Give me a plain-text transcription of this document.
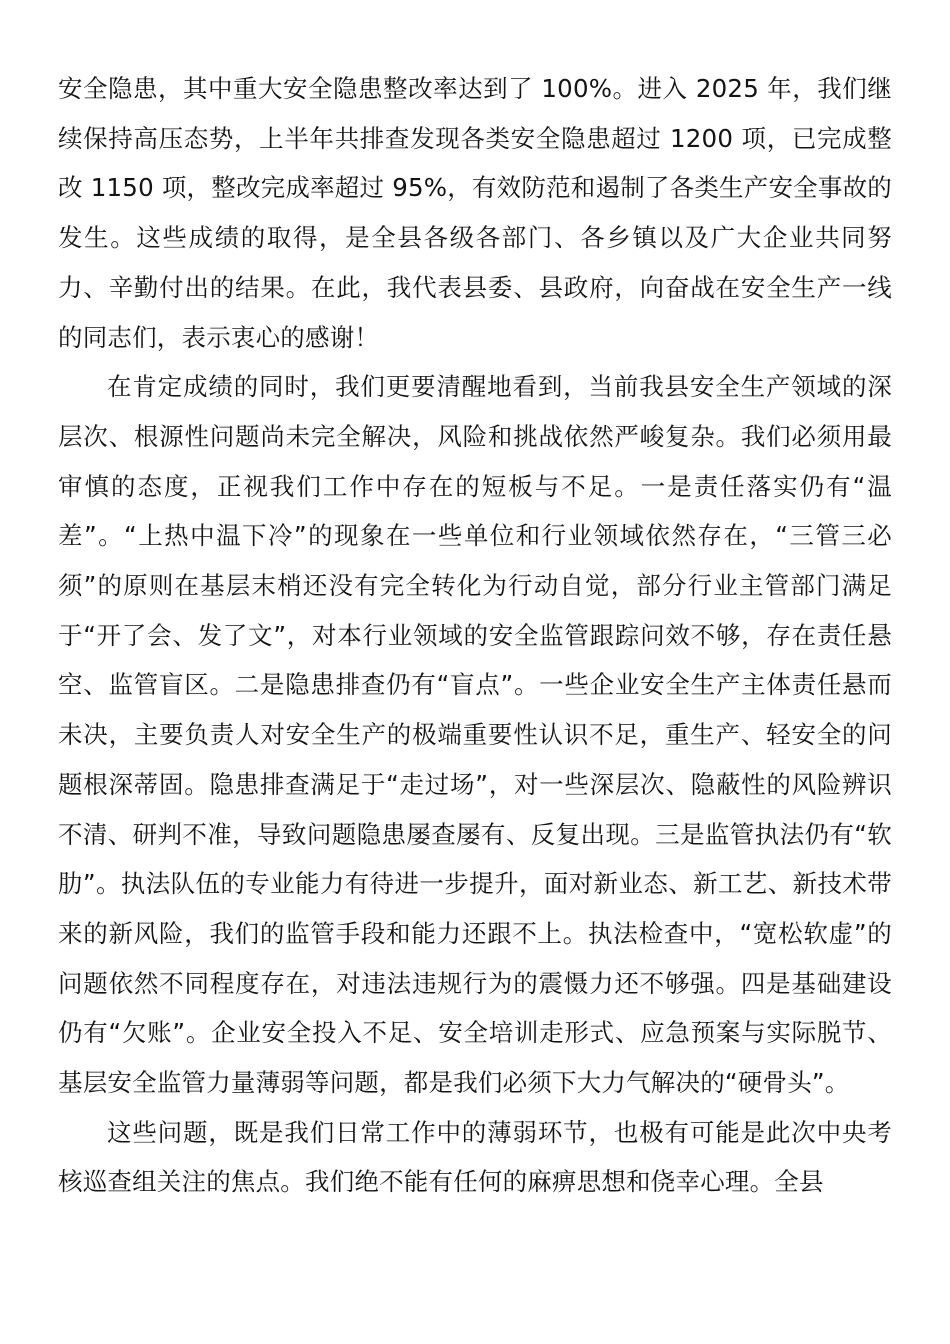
安全隐患，其中重大安全隐患整改率达到了 100%。进入 2025 年，我们继续保持高压态势，上半年共排查发现各类安全隐患超过 1200 项，已完成整改 1150 项，整改完成率超过 95%，有效防范和遏制了各类生产安全事故的发生。这些成绩的取得，是全县各级各部门、各乡镇以及广大企业共同努力、辛勤付出的结果。在此，我代表县委、县政府，向奋战在安全生产一线的同志们，表示衷心的感谢！

在肯定成绩的同时，我们更要清醒地看到，当前我县安全生产领域的深层次、根源性问题尚未完全解决，风险和挑战依然严峻复杂。我们必须用最审慎的态度，正视我们工作中存在的短板与不足。一是责任落实仍有“温差”。“上热中温下冷”的现象在一些单位和行业领域依然存在，“三管三必须”的原则在基层末梢还没有完全转化为行动自觉，部分行业主管部门满足于“开了会、发了文”，对本行业领域的安全监管跟踪问效不够，存在责任悬空、监管盲区。二是隐患排查仍有“盲点”。一些企业安全生产主体责任悬而未决，主要负责人对安全生产的极端重要性认识不足，重生产、轻安全的问题根深蒂固。隐患排查满足于“走过场”，对一些深层次、隐蔽性的风险辨识不清、研判不准，导致问题隐患屡查屡有、反复出现。三是监管执法仍有“软肋”。执法队伍的专业能力有待进一步提升，面对新业态、新工艺、新技术带来的新风险，我们的监管手段和能力还跟不上。执法检查中，“宽松软虚”的问题依然不同程度存在，对违法违规行为的震慑力还不够强。四是基础建设仍有“欠账”。企业安全投入不足、安全培训走形式、应急预案与实际脱节、基层安全监管力量薄弱等问题，都是我们必须下大力气解决的“硬骨头”。

这些问题，既是我们日常工作中的薄弱环节，也极有可能是此次中央考核巡查组关注的焦点。我们绝不能有任何的麻痹思想和侥幸心理。全县
